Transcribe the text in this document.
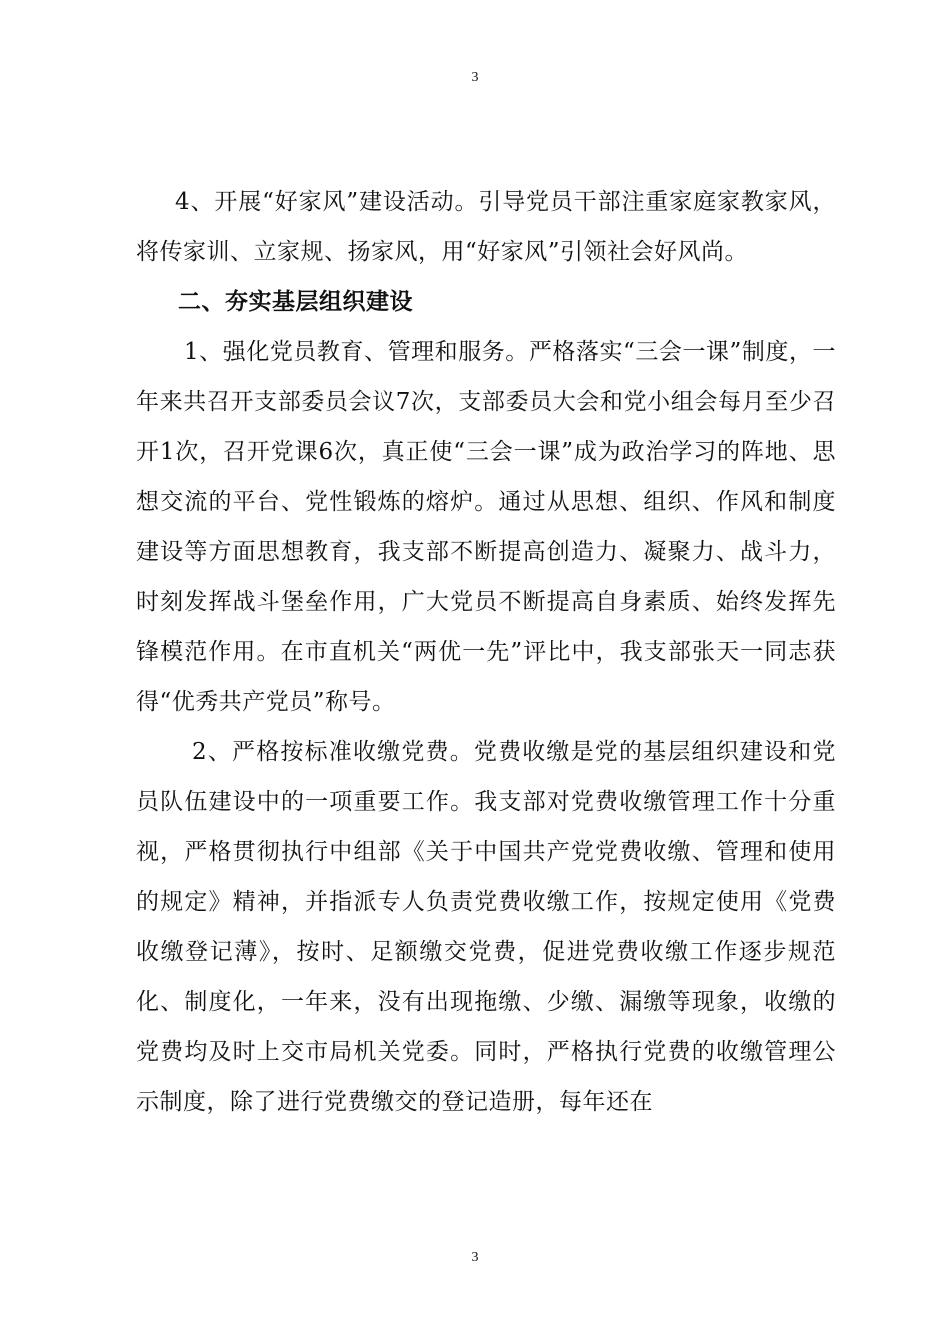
3

4、开展“好家风”建设活动。引导党员干部注重家庭家教家风，将传家训、立家规、扬家风，用“好家风”引领社会好风尚。

二、夯实基层组织建设

1、强化党员教育、管理和服务。严格落实“三会一课”制度，一年来共召开支部委员会议7次，支部委员大会和党小组会每月至少召开1次，召开党课6次，真正使“三会一课”成为政治学习的阵地、思想交流的平台、党性锻炼的熔炉。通过从思想、组织、作风和制度建设等方面思想教育，我支部不断提高创造力、凝聚力、战斗力，时刻发挥战斗堡垒作用，广大党员不断提高自身素质、始终发挥先锋模范作用。在市直机关“两优一先”评比中，我支部张天一同志获得“优秀共产党员”称号。

2、严格按标准收缴党费。党费收缴是党的基层组织建设和党员队伍建设中的一项重要工作。我支部对党费收缴管理工作十分重视，严格贯彻执行中组部《关于中国共产党党费收缴、管理和使用的规定》精神，并指派专人负责党费收缴工作，按规定使用《党费收缴登记薄》，按时、足额缴交党费，促进党费收缴工作逐步规范化、制度化，一年来，没有出现拖缴、少缴、漏缴等现象，收缴的党费均及时上交市局机关党委。同时，严格执行党费的收缴管理公示制度，除了进行党费缴交的登记造册，每年还在

3
